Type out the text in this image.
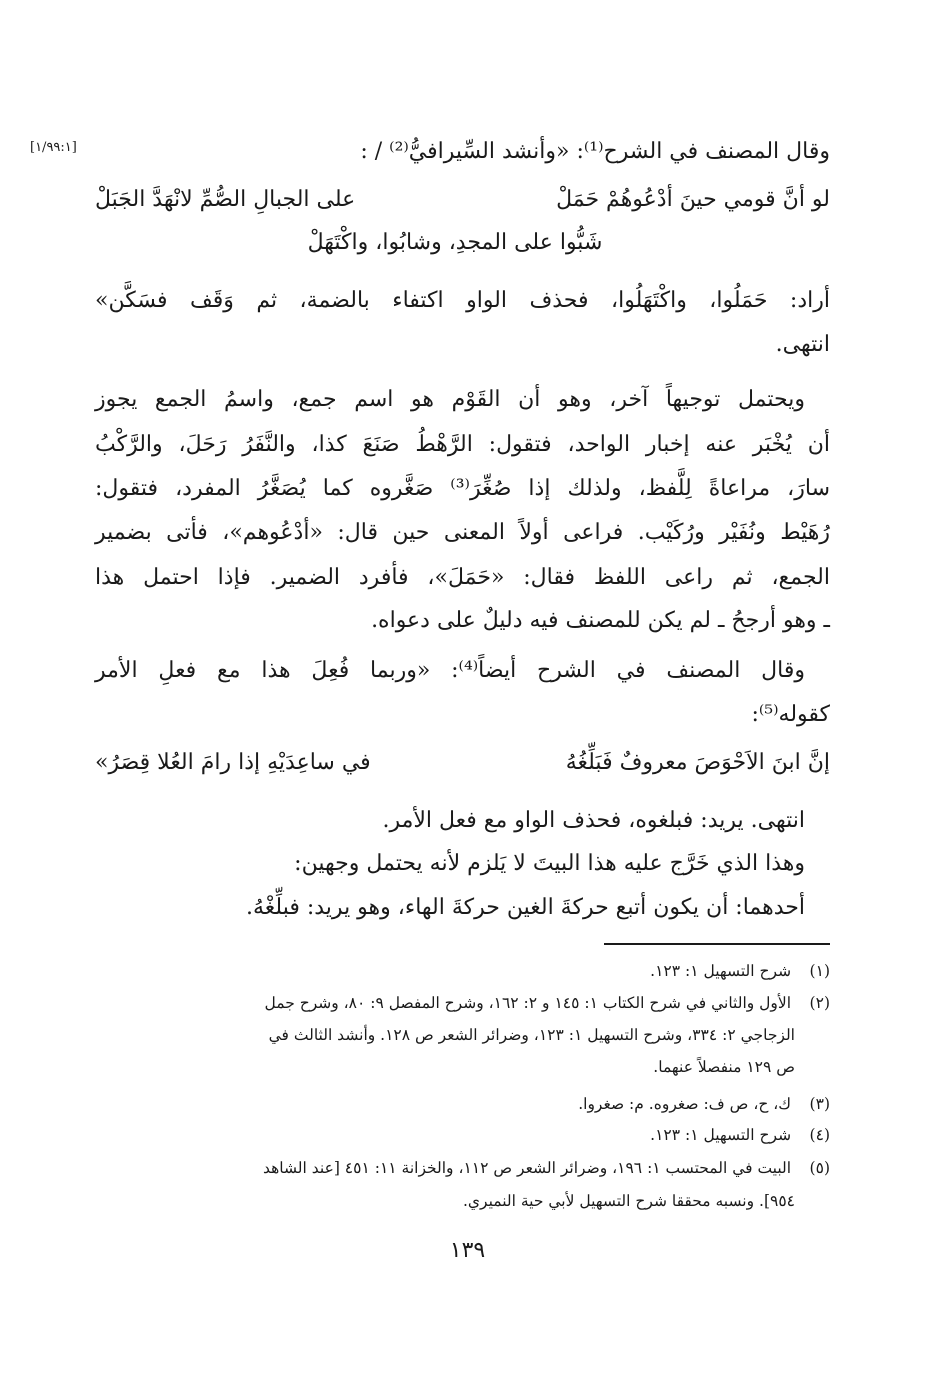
[١/٩٩:١]	وقال المصنف في الشرح⁽¹⁾: «وأنشد السِّيرافيُّ⁽²⁾ / :
لو أنَّ قومي حينَ أدْعُوهُمْ حَمَلْ
على الجبالِ الصُّمِّ لانْهَدَّ الجَبَلْ
شَبُّوا على المجدِ، وشابُوا، واكْتَهَلْ
أراد: حَمَلُوا، واكْتَهَلُوا، فحذف الواو اكتفاء بالضمة، ثم وَقَف فسَكَّن»
انتهى.
ويحتمل توجيهاً آخر، وهو أن القَوْم هو اسم جمع، واسمُ الجمع يجوز
أن يُخْبَر عنه إخبار الواحد، فتقول: الرَّهْطُ صَنَعَ كذا، والنَّفَرُ رَحَلَ، والرَّكْبُ
سارَ، مراعاةً لِلَّفظ، ولذلك إذا صُغِّرَ⁽³⁾ صَغَّروه كما يُصَغَّرُ المفرد، فتقول:
رُهَيْط ونُفَيْر ورُكَيْب. فراعى أولاً المعنى حين قال: «أدْعُوهم»، فأتى بضمير
الجمع، ثم راعى اللفظ فقال: «حَمَلَ»، فأفرد الضمير. فإذا احتمل هذا
ـ وهو أرجحُ ـ لم يكن للمصنف فيه دليلٌ على دعواه.
وقال المصنف في الشرح أيضاً⁽⁴⁾: «وربما فُعِلَ هذا مع فعلِ الأمر
كقوله⁽⁵⁾:
إنَّ ابنَ الاَحْوَصَ معروفٌ فَبَلِّغُهُ
في ساعِدَيْهِ إذا رامَ العُلا قِصَرُ»
انتهى. يريد: فبلغوه، فحذف الواو مع فعل الأمر.
وهذا الذي خَرَّج عليه هذا البيتَ لا يَلزم لأنه يحتمل وجهين:
أحدهما: أن يكون أتبع حركةَ الغين حركةَ الهاء، وهو يريد: فبلِّغْهُ.
(١) شرح التسهيل ١: ١٢٣.
(٢) الأول والثاني في شرح الكتاب ١: ١٤٥ و ٢: ١٦٢، وشرح المفصل ٩: ٨٠، وشرح جمل
الزجاجي ٢: ٣٣٤، وشرح التسهيل ١: ١٢٣، وضرائر الشعر ص ١٢٨. وأنشد الثالث في
ص ١٢٩ منفصلاً عنهما.
(٣) ك، ح، ص ف: صغروه. م: صغروا.
(٤) شرح التسهيل ١: ١٢٣.
(٥) البيت في المحتسب ١: ١٩٦، وضرائر الشعر ص ١١٢، والخزانة ١١: ٤٥١ [عند الشاهد
٩٥٤]. ونسبه محققا شرح التسهيل لأبي حية النميري.
١٣٩
